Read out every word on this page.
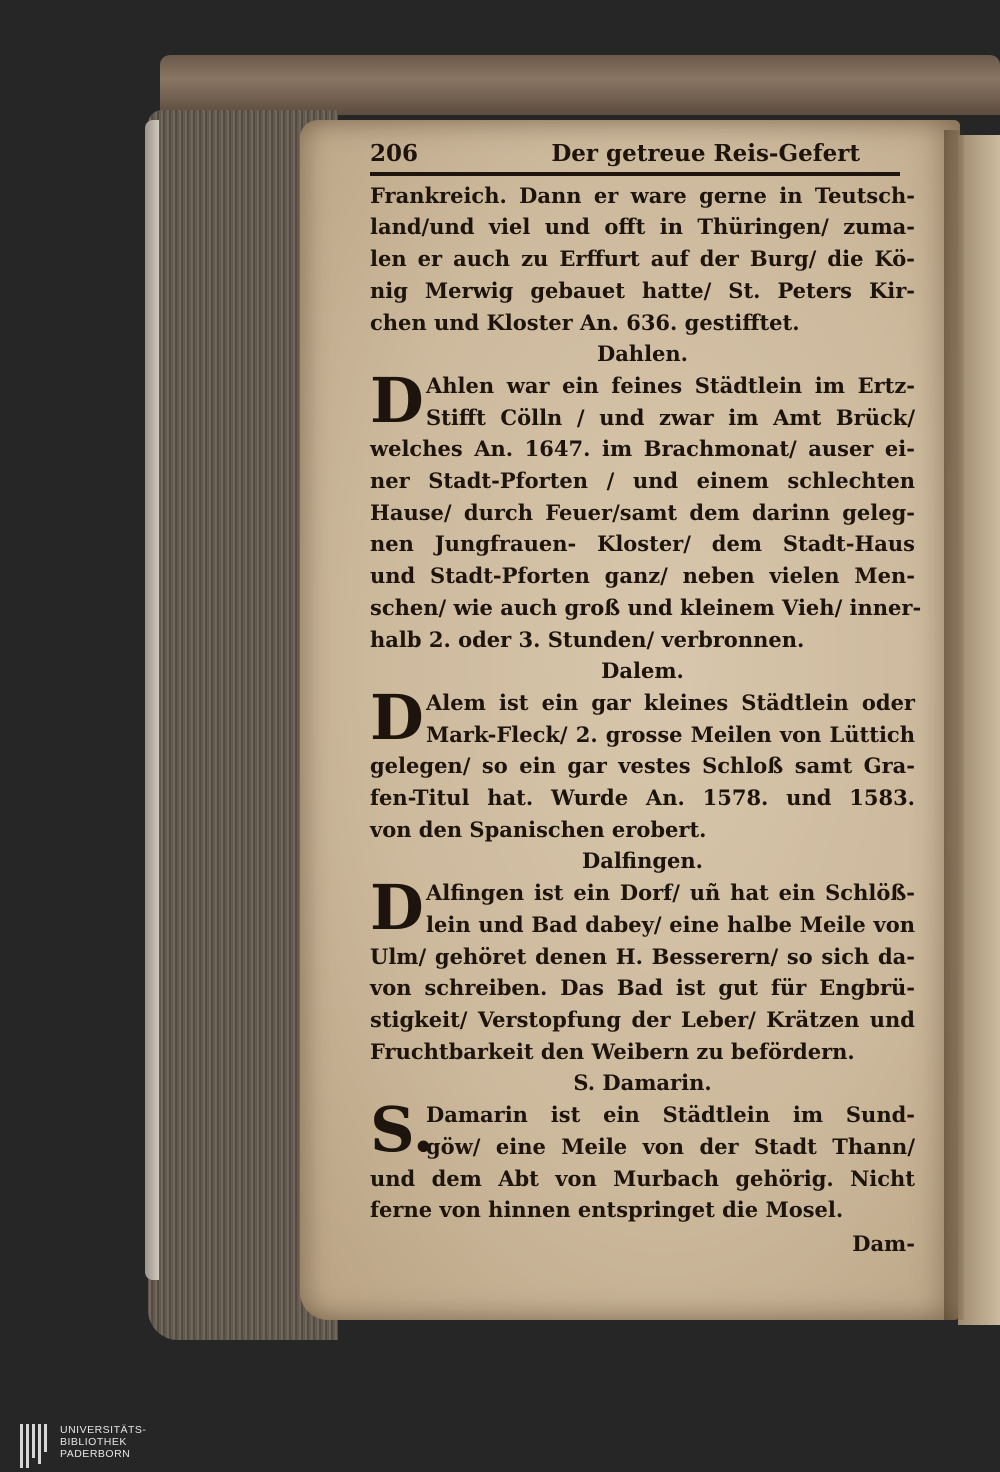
206	Der getreue Reis-Gefert
Frankreich. Dann er ware gerne in Teutsch-
land/und viel und offt in Thüringen/ zuma-
len er auch zu Erffurt auf der Burg/ die Kö-
nig Merwig gebauet hatte/ St. Peters Kir-
chen und Kloster An. 636. gestifftet.
Dahlen.
D Ahlen war ein feines Städtlein im Ertz-
Stifft Cölln / und zwar im Amt Brück/
welches An. 1647. im Brachmonat/ auser ei-
ner Stadt-Pforten / und einem schlechten
Hause/ durch Feuer/samt dem darinn geleg-
nen Jungfrauen- Kloster/ dem Stadt-Haus
und Stadt-Pforten ganz/ neben vielen Men-
schen/ wie auch groß und kleinem Vieh/ inner-
halb 2. oder 3. Stunden/ verbronnen.
Dalem.
D Alem ist ein gar kleines Städtlein oder
Mark-Fleck/ 2. grosse Meilen von Lüttich
gelegen/ so ein gar vestes Schloß samt Gra-
fen-Titul hat. Wurde An. 1578. und 1583.
von den Spanischen erobert.
Dalfingen.
D Alfingen ist ein Dorf/ uñ hat ein Schlöß-
lein und Bad dabey/ eine halbe Meile von
Ulm/ gehöret denen H. Besserern/ so sich da-
von schreiben. Das Bad ist gut für Engbrü-
stigkeit/ Verstopfung der Leber/ Krätzen und
Fruchtbarkeit den Weibern zu befördern.
S. Damarin.
S.
Damarin ist ein Städtlein im Sund-
göw/ eine Meile von der Stadt Thann/
und dem Abt von Murbach gehörig. Nicht
ferne von hinnen entspringet die Mosel.
Dam-
UNIVERSITÄTS-
BIBLIOTHEK
PADERBORN
